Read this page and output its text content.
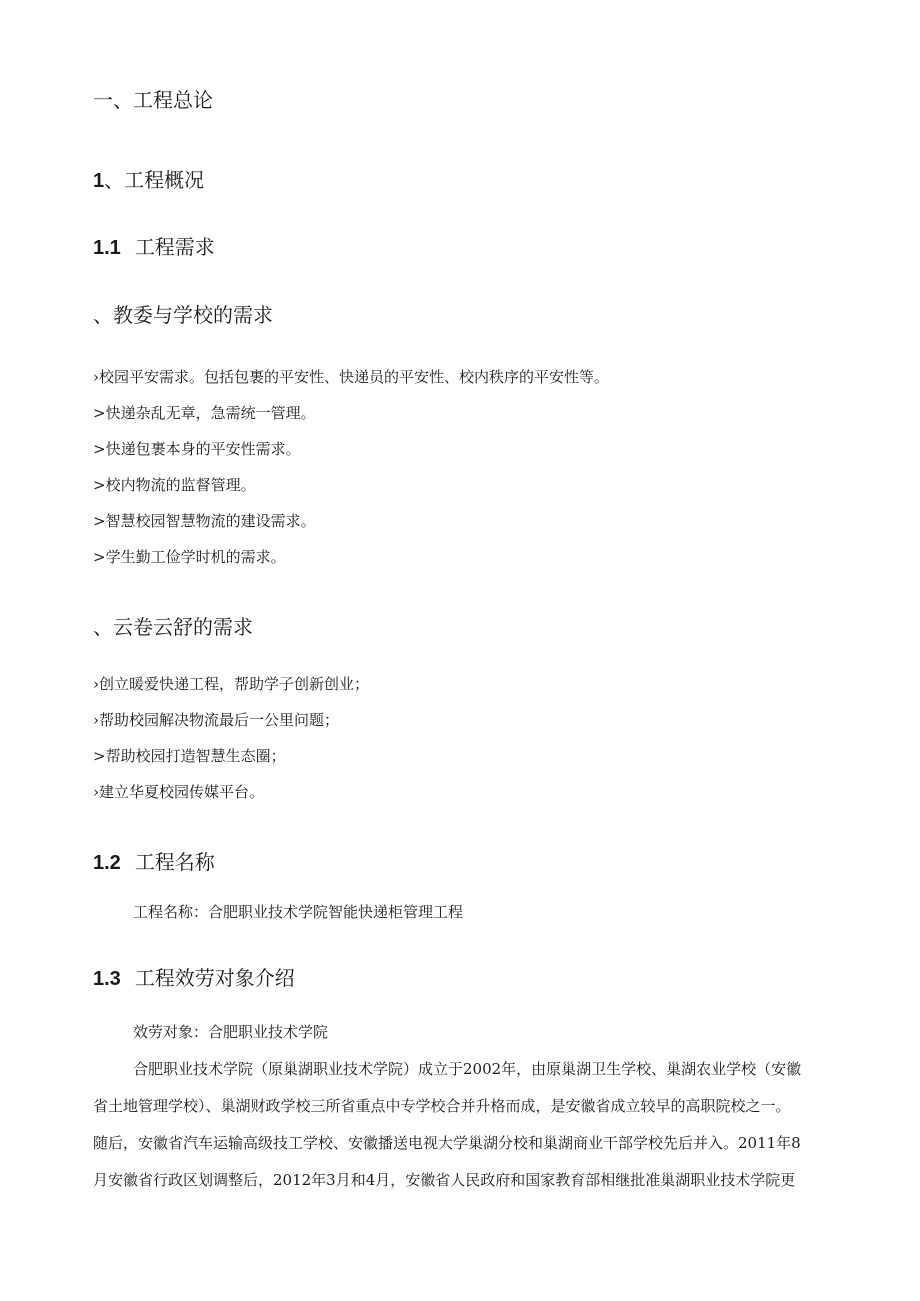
一、工程总论
1、工程概况
1.1 工程需求
、教委与学校的需求
›校园平安需求。包括包裹的平安性、快递员的平安性、校内秩序的平安性等。
>快递杂乱无章，急需统一管理。
>快递包裹本身的平安性需求。
>校内物流的监督管理。
>智慧校园智慧物流的建设需求。
>学生勤工俭学时机的需求。
、云卷云舒的需求
›创立暖爱快递工程，帮助学子创新创业；
›帮助校园解决物流最后一公里问题；
>帮助校园打造智慧生态圈；
›建立华夏校园传媒平台。
1.2 工程名称
工程名称：合肥职业技术学院智能快递柜管理工程
1.3 工程效劳对象介绍
效劳对象：合肥职业技术学院
合肥职业技术学院（原巢湖职业技术学院）成立于2002年，由原巢湖卫生学校、巢湖农业学校（安徽
省土地管理学校）、巢湖财政学校三所省重点中专学校合并升格而成，是安徽省成立较早的高职院校之一。
随后，安徽省汽车运输高级技工学校、安徽播送电视大学巢湖分校和巢湖商业干部学校先后并入。2011年8
月安徽省行政区划调整后，2012年3月和4月，安徽省人民政府和国家教育部相继批准巢湖职业技术学院更
